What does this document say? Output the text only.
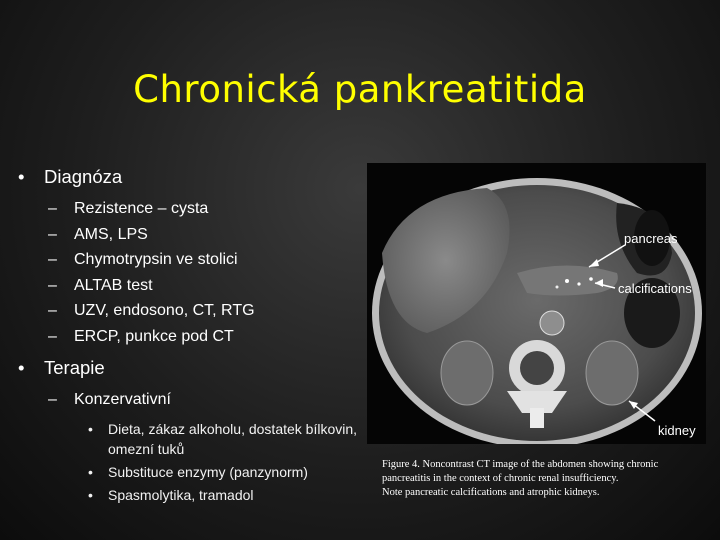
Chronická pankreatitida
• Diagnóza
– Rezistence – cysta
– AMS, LPS
– Chymotrypsin ve stolici
– ALTAB test
– UZV, endosono, CT, RTG
– ERCP, punkce pod CT
• Terapie
– Konzervativní
• Dieta, zákaz alkoholu, dostatek bílkovin, omezní tuků
• Substituce enzymy (panzynorm)
• Spasmolytika, tramadol
pancreas
calcifications
kidney
Figure 4. Noncontrast CT image of the abdomen showing chronic
pancreatitis in the context of chronic renal insufficiency.
Note pancreatic calcifications and atrophic kidneys.
